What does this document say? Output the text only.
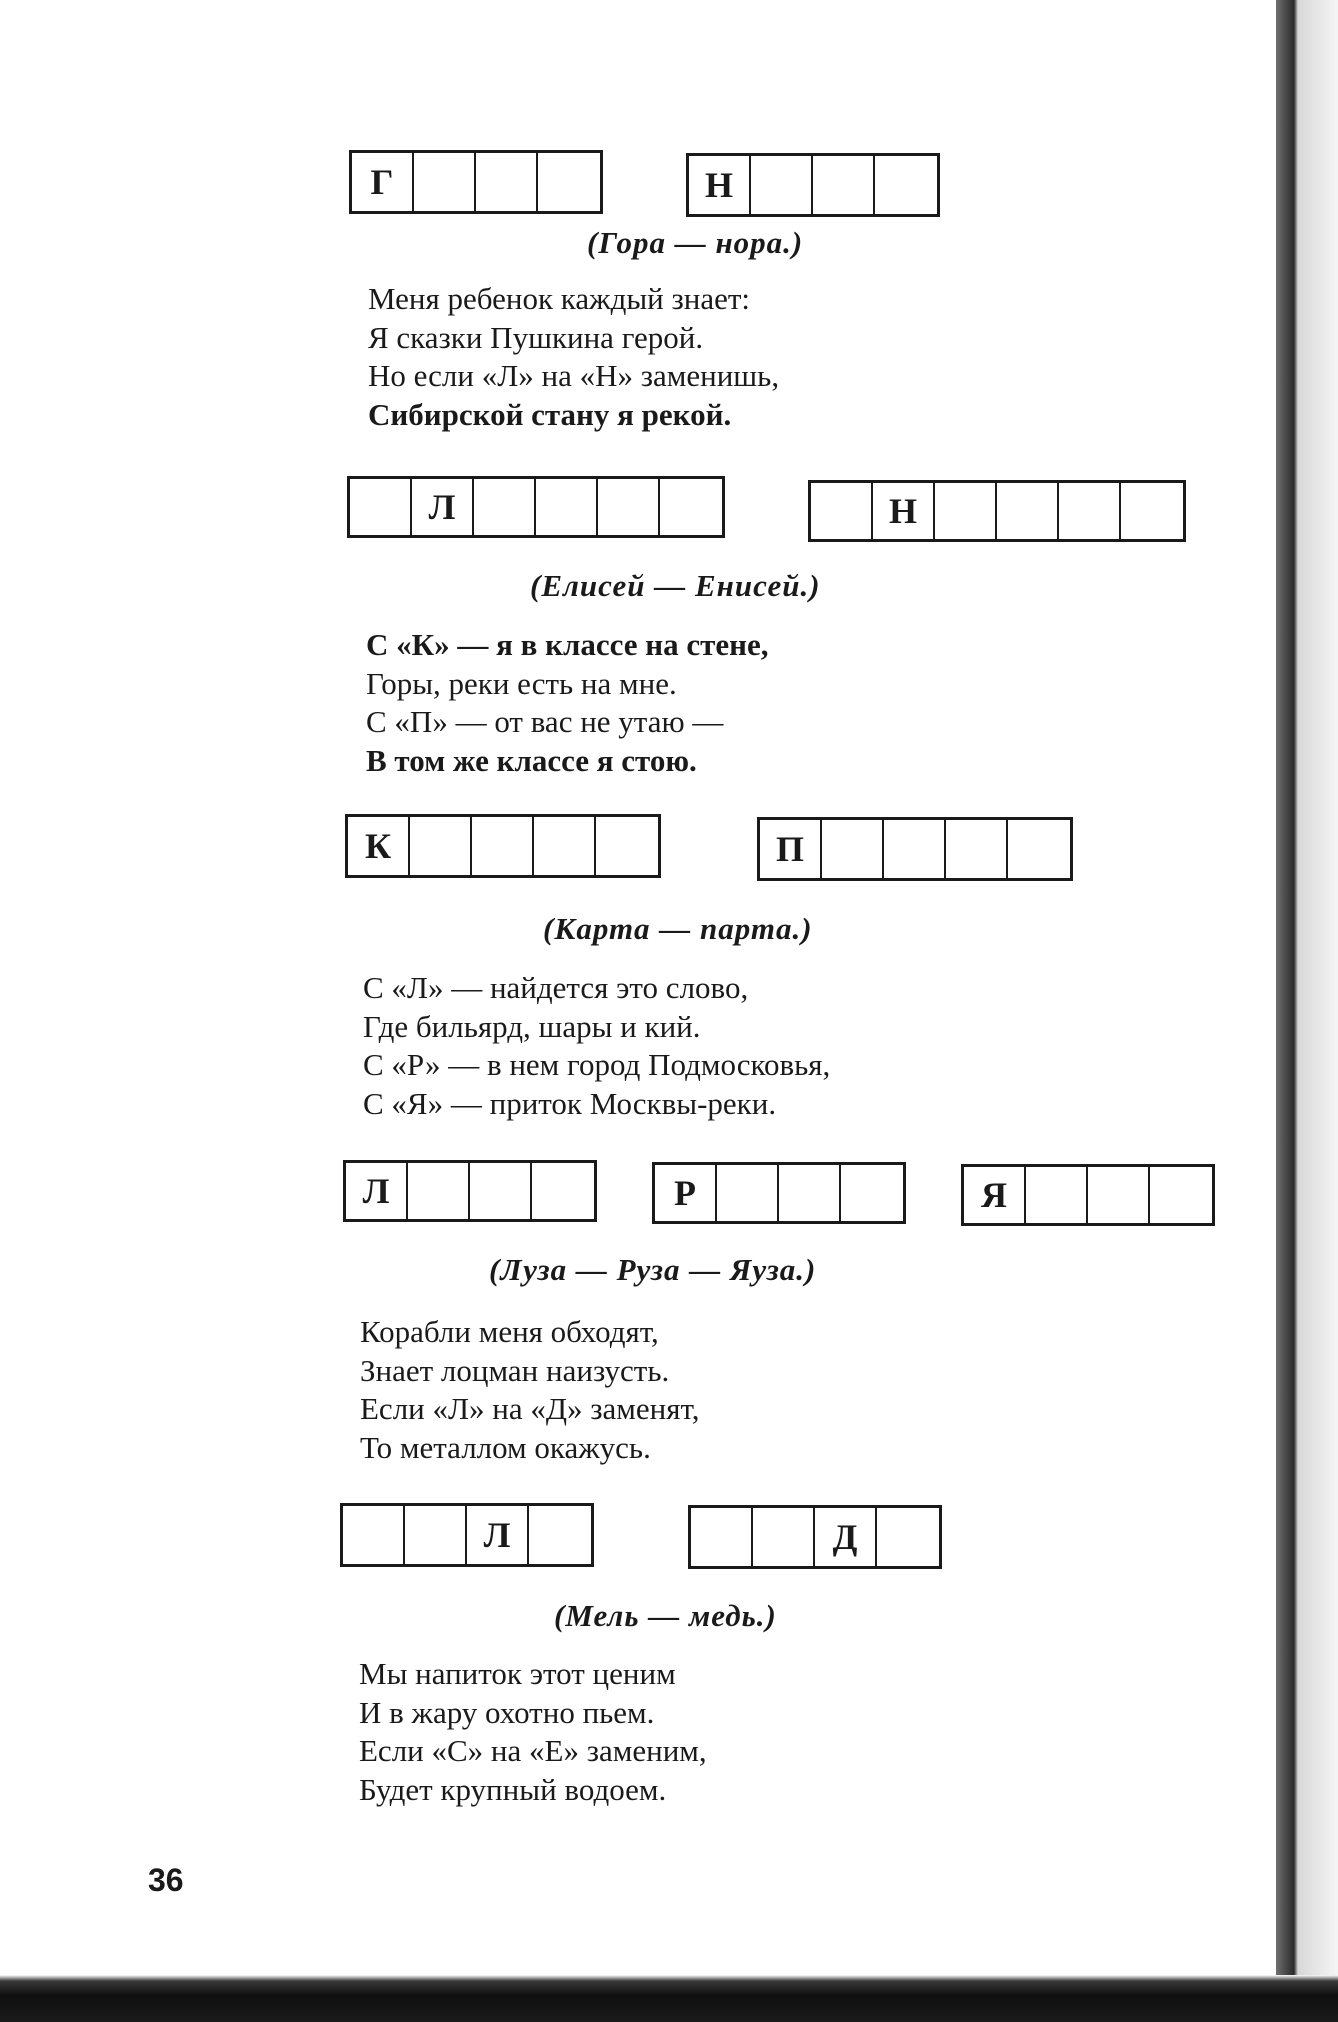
Г	Н
(Гора — нора.)
Меня ребенок каждый знает:
Я сказки Пушкина герой.
Но если «Л» на «Н» заменишь,
Сибирской стану я рекой.
Л	Н
(Елисей — Енисей.)
С «К» — я в классе на стене,
Горы, реки есть на мне.
С «П» — от вас не утаю —
В том же классе я стою.
К	П
(Карта — парта.)
С «Л» — найдется это слово,
Где бильярд, шары и кий.
С «Р» — в нем город Подмосковья,
С «Я» — приток Москвы-реки.
Л	Р	Я
(Луза — Руза — Яуза.)
Корабли меня обходят,
Знает лоцман наизусть.
Если «Л» на «Д» заменят,
То металлом окажусь.
Л	Д
(Мель — медь.)
Мы напиток этот ценим
И в жару охотно пьем.
Если «С» на «Е» заменим,
Будет крупный водоем.
36
